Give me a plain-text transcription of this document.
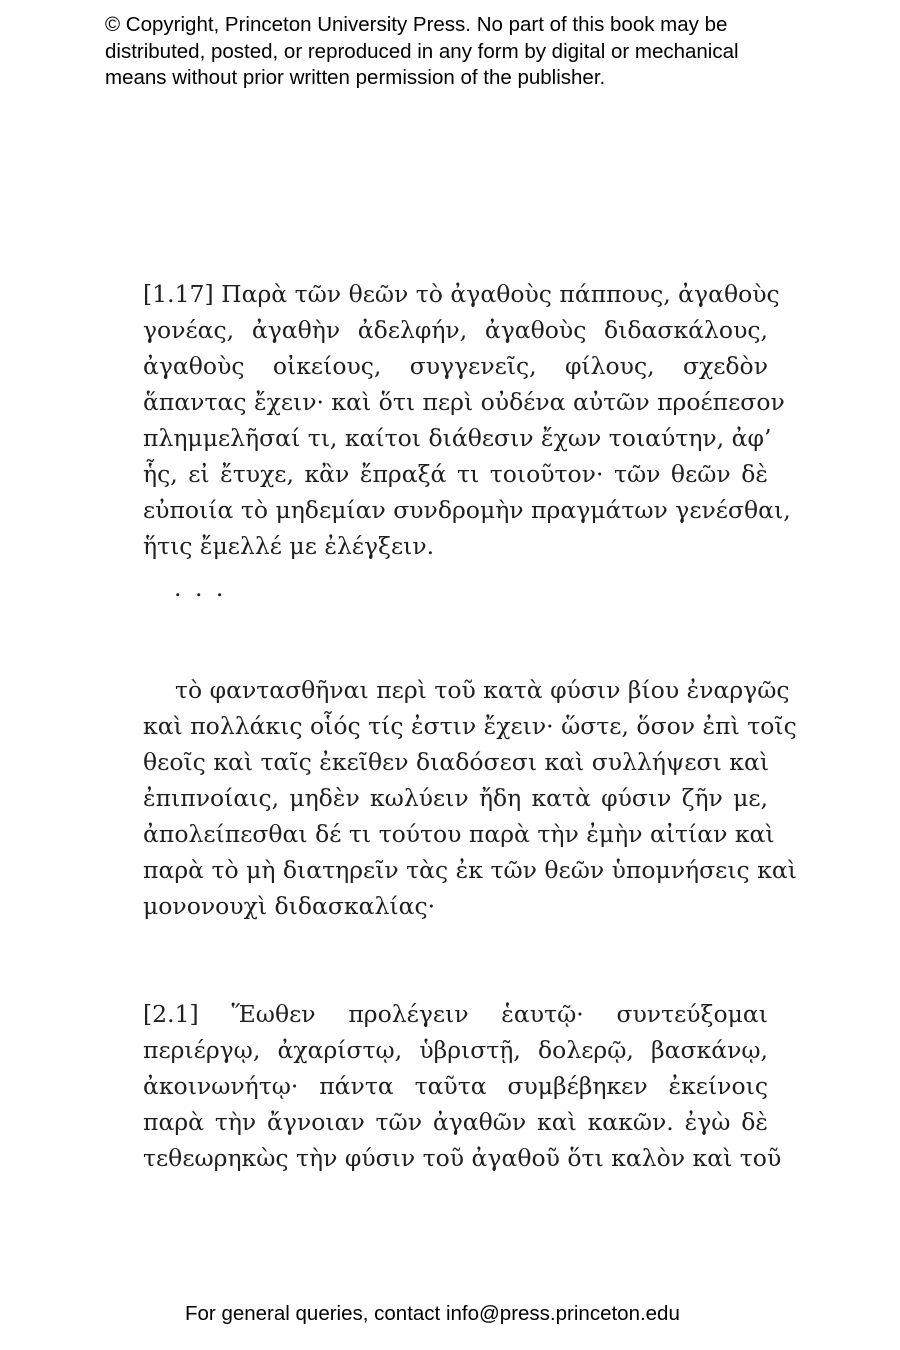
© Copyright, Princeton University Press. No part of this book may be
distributed, posted, or reproduced in any form by digital or mechanical
means without prior written permission of the publisher.
[1.17] Παρὰ τῶν θεῶν τὸ ἀγαθοὺς πάππους, ἀγαθοὺς
γονέας, ἀγαθὴν ἀδελφήν, ἀγαθοὺς διδασκάλους,
ἀγαθοὺς οἰκείους, συγγενεῖς, φίλους, σχεδὸν
ἅπαντας ἔχειν· καὶ ὅτι περὶ οὐδένα αὐτῶν προέπεσον
πλημμελῆσαί τι, καίτοι διάθεσιν ἔχων τοιαύτην, ἀφ’
ἧς, εἰ ἔτυχε, κἂν ἔπραξά τι τοιοῦτον· τῶν θεῶν δὲ
εὐποιία τὸ μηδεμίαν συνδρομὴν πραγμάτων γενέσθαι,
ἥτις ἔμελλέ με ἐλέγξειν.
. . .
τὸ φαντασθῆναι περὶ τοῦ κατὰ φύσιν βίου ἐναργῶς
καὶ πολλάκις οἷός τίς ἐστιν ἔχειν· ὥστε, ὅσον ἐπὶ τοῖς
θεοῖς καὶ ταῖς ἐκεῖθεν διαδόσεσι καὶ συλλήψεσι καὶ
ἐπιπνοίαις, μηδὲν κωλύειν ἤδη κατὰ φύσιν ζῆν με,
ἀπολείπεσθαι δέ τι τούτου παρὰ τὴν ἐμὴν αἰτίαν καὶ
παρὰ τὸ μὴ διατηρεῖν τὰς ἐκ τῶν θεῶν ὑπομνήσεις καὶ
μονονουχὶ διδασκαλίας·
[2.1] Ἕωθεν προλέγειν ἑαυτῷ· συντεύξομαι
περιέργῳ, ἀχαρίστῳ, ὑβριστῇ, δολερῷ, βασκάνῳ,
ἀκοινωνήτῳ· πάντα ταῦτα συμβέβηκεν ἐκείνοις
παρὰ τὴν ἄγνοιαν τῶν ἀγαθῶν καὶ κακῶν. ἐγὼ δὲ
τεθεωρηκὼς τὴν φύσιν τοῦ ἀγαθοῦ ὅτι καλὸν καὶ τοῦ
For general queries, contact info@press.princeton.edu
